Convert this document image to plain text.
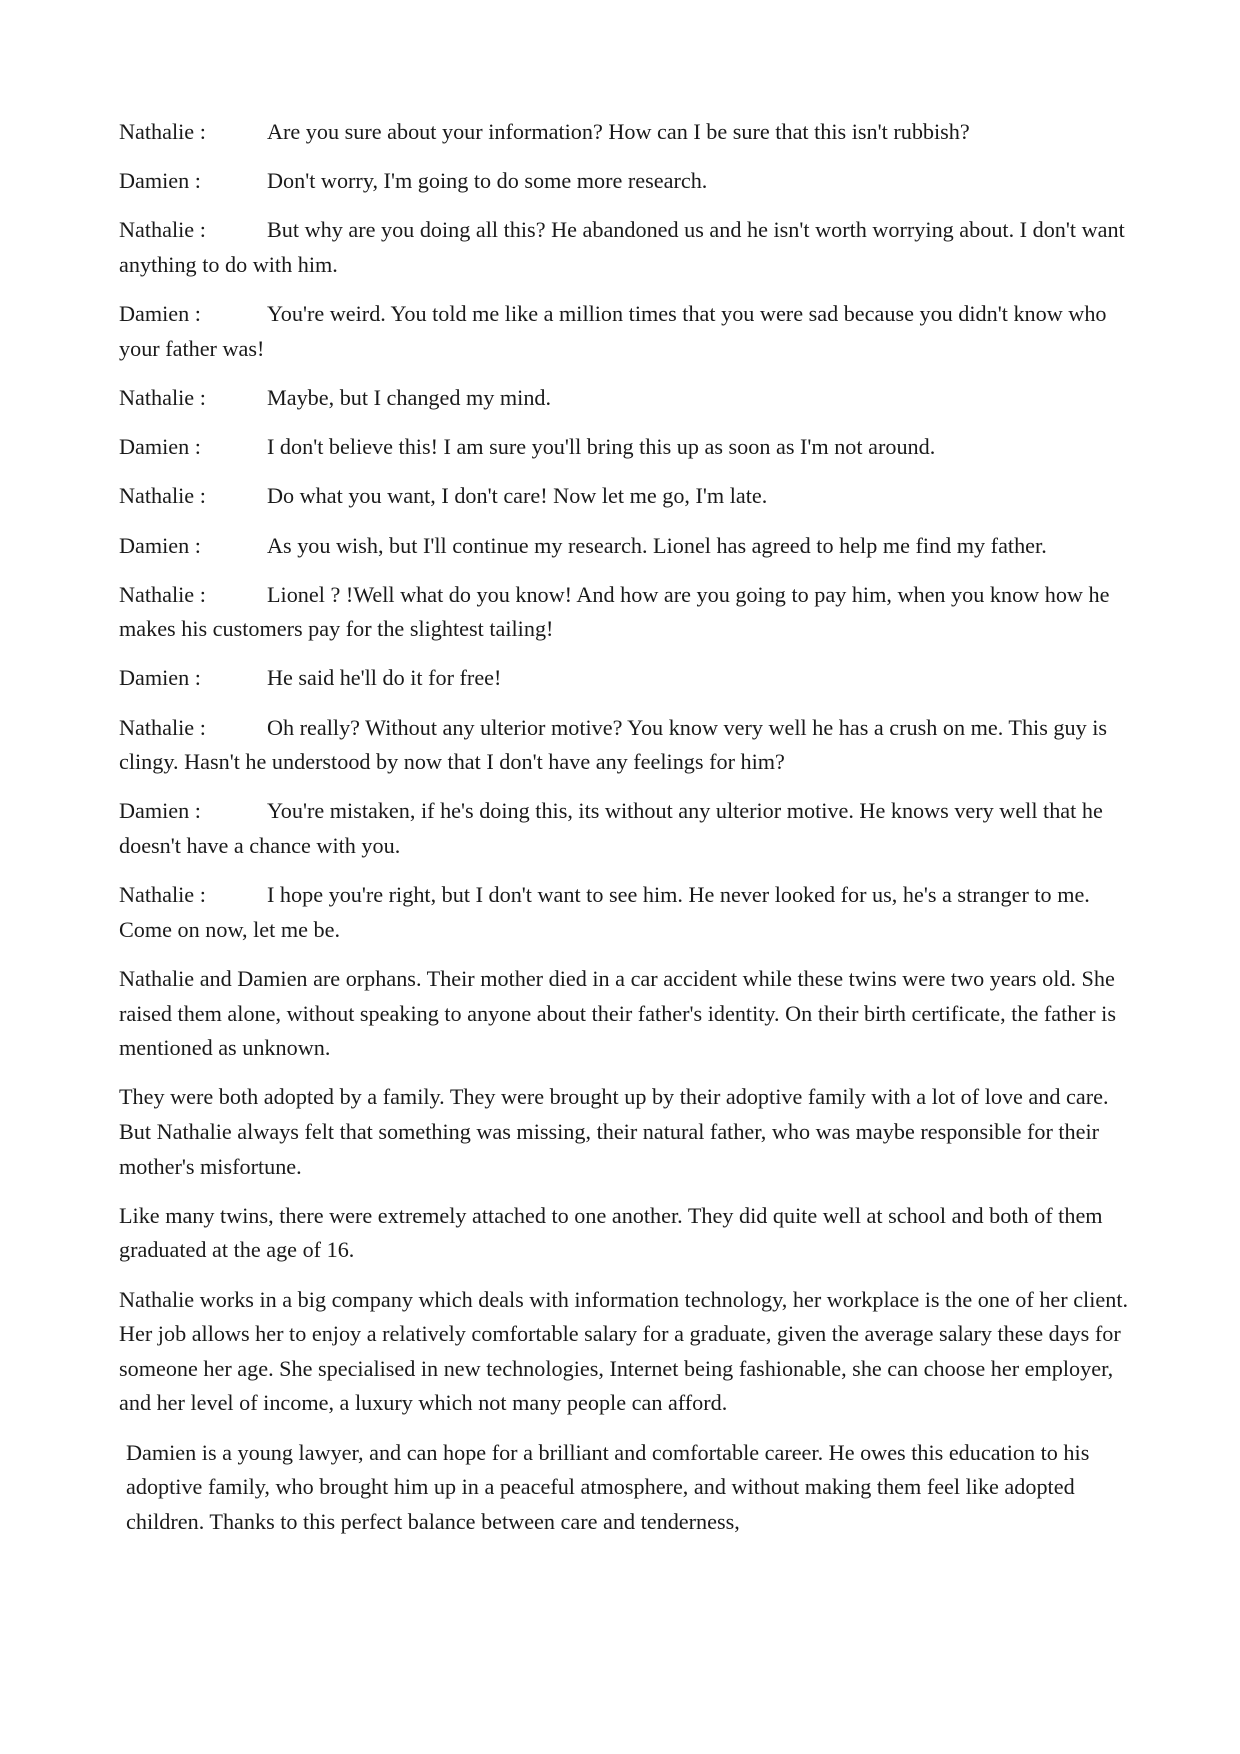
Nathalie :	Are you sure about your information? How can I be sure that this isn't rubbish?

Damien :	Don't worry, I'm going to do some more research.

Nathalie :	But why are you doing all this? He abandoned us and he isn't worth worrying about. I don't want anything to do with him.

Damien :	You're weird. You told me like a million times that you were sad because you didn't know who your father was!

Nathalie :	Maybe, but I changed my mind.

Damien :	I don't believe this! I am sure you'll bring this up as soon as I'm not around.

Nathalie :	Do what you want, I don't care! Now let me go, I'm late.

Damien :	As you wish, but I'll continue my research. Lionel has agreed to help me find my father.

Nathalie :	Lionel ? !Well what do you know! And how are you going to pay him, when you know how he makes his customers pay for the slightest tailing!

Damien :	He said he'll do it for free!

Nathalie :	Oh really? Without any ulterior motive? You know very well he has a crush on me. This guy is clingy. Hasn't he understood by now that I don't have any feelings for him?

Damien :	You're mistaken, if he's doing this, its without any ulterior motive. He knows very well that he doesn't have a chance with you.

Nathalie :	I hope you're right, but I don't want to see him. He never looked for us, he's a stranger to me. Come on now, let me be.

Nathalie and Damien are orphans. Their mother died in a car accident while these twins were two years old. She raised them alone, without speaking to anyone about their father's identity. On their birth certificate, the father is mentioned as unknown.

They were both adopted by a family. They were brought up by their adoptive family with a lot of love and care. But Nathalie always felt that something was missing, their natural father, who was maybe responsible for their mother's misfortune.

Like many twins, there were extremely attached to one another. They did quite well at school and both of them graduated at the age of 16.

Nathalie works in a big company which deals with information technology, her workplace is the one of her client. Her job allows her to enjoy a relatively comfortable salary for a graduate, given the average salary these days for someone her age. She specialised in new technologies, Internet being fashionable, she can choose her employer, and her level of income, a luxury which not many people can afford.

Damien is a young lawyer, and can hope for a brilliant and comfortable career. He owes this education to his adoptive family, who brought him up in a peaceful atmosphere, and without making them feel like adopted children. Thanks to this perfect balance between care and tenderness,
